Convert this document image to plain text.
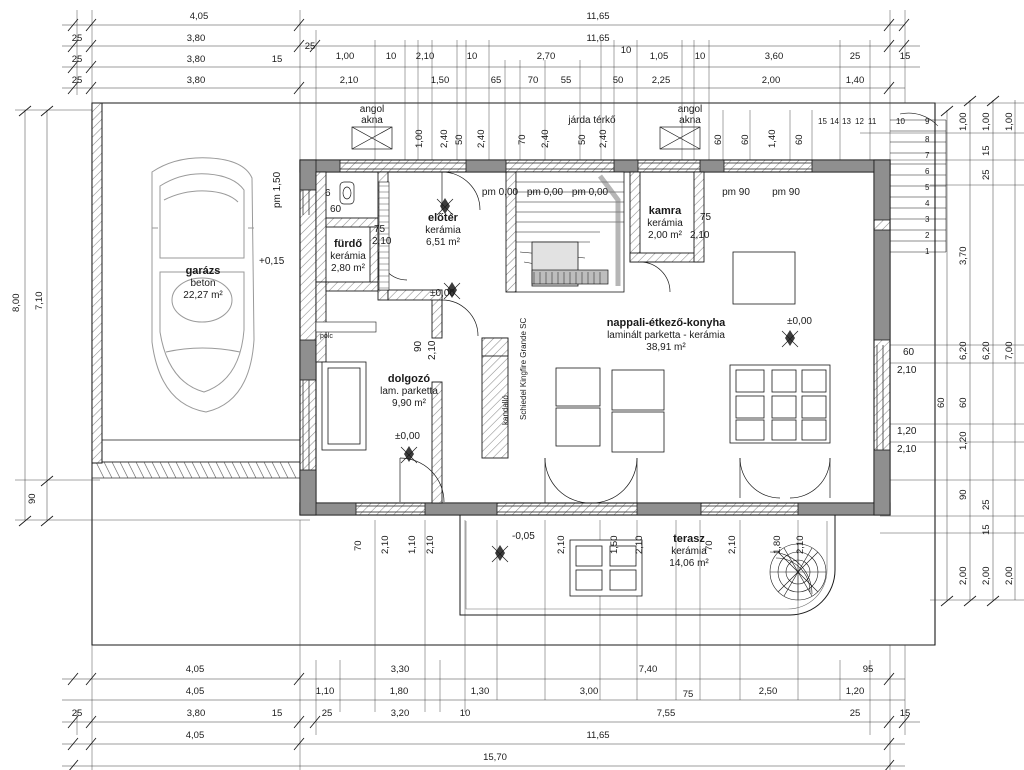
garázs
beton
22,27 m²
fürdő
kerámia
2,80 m²
előtér
kerámia
6,51 m²
kamra
kerámia
2,00 m²
dolgozó
lam. parketta
9,90 m²
nappali-étkező-konyha
laminált parketta - kerámia
38,91 m²
terasz
kerámia
14,06 m²
+0,15
±0,00
±0,00
±0,00
-0,05
angol
akna
angol
akna
járda térkő
polc
kandalló Schiedel Kingfire Grande SC
pm 0,00 pm 0,00 pm 0,00	pm 90 pm 90
pm 1,50	6
60
75
2,10
75
2,10
90 2,10	60
2,10
1,20
2,10
4,05	11,65
25	3,80
25
11,65
25	3,80	15	1,00	10 2,10	10	2,70
10
1,05	10	3,60	25	15
25	3,80	2,10	1,50	65	70 55	50	2,25	2,00	1,40
1,00 2,40 50 2,40	70 2,40	50 2,40	60 60 1,40 60
15 14 13 12 11 10	9
8
7
6
5
4
3
2
1
8,00 7,10
90
1,00
1,00	1,00
15
25
3,70
6,20
6,20	7,00
60
60
1,20
90
25
15
2,00 2,00 2,00
70 2,10 1,10 2,10	2,10	1,50 2,10	70 2,10	1,80 2,10
4,05	3,30	7,40	95
4,05	1,10	1,80	1,30	3,00	75	2,50	1,20
25	3,80	15	25	3,20	10	7,55	25	15
4,05	11,65
15,70
